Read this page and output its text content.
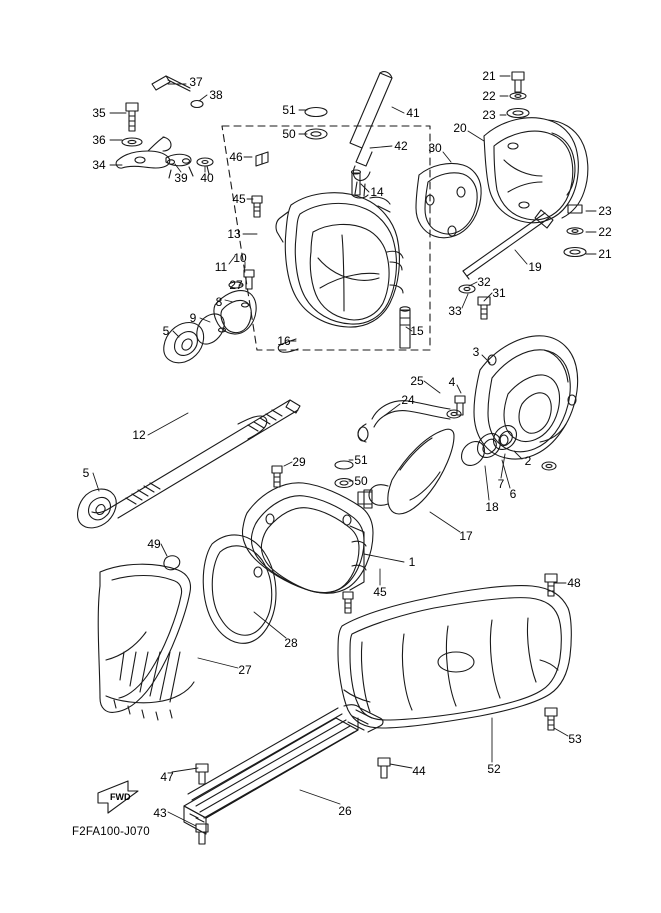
37
38
35
36
34
39 40
51
50
41
42
46
45	14
21
22
23
20
30
23
22
21
19
13
11
10
27
8
9
5
16
15
32
31
33
3
4
25
24
2
7
6
18
17
12
5
29	51
50
1
45
49
28
27
48
53
52
47	44
43	26
F2FA100-J070
FWD
